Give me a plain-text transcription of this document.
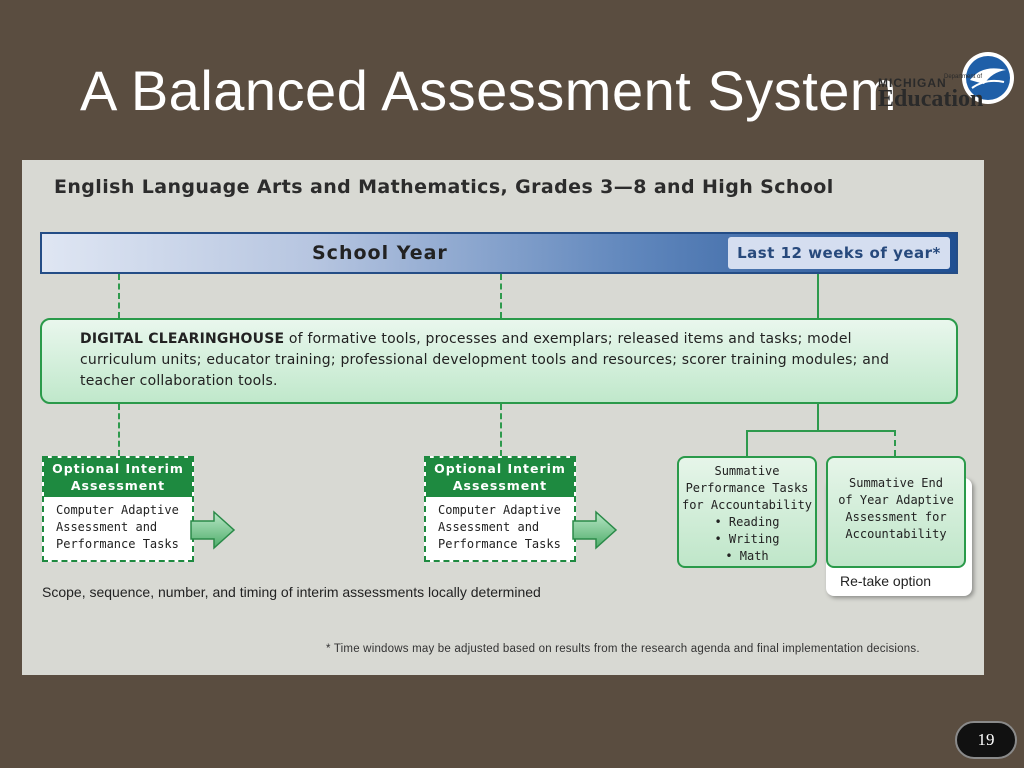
A Balanced Assessment System
MICHIGAN
Department of
Education
English Language Arts and Mathematics, Grades 3—8 and High School
School Year	Last 12 weeks of year*
DIGITAL CLEARINGHOUSE of formative tools, processes and exemplars; released items and tasks; model curriculum units; educator training; professional development tools and resources; scorer training modules; and teacher collaboration tools.
Optional Interim
Assessment
Computer Adaptive
Assessment and
Performance Tasks
Optional Interim
Assessment
Computer Adaptive
Assessment and
Performance Tasks
Summative
Performance Tasks
for Accountability
• Reading
• Writing
• Math
Re-take option
Summative End
of Year Adaptive
Assessment for
Accountability
Scope, sequence, number, and timing of interim assessments locally determined
* Time windows may be adjusted based on results from the research agenda and final implementation decisions.
19
